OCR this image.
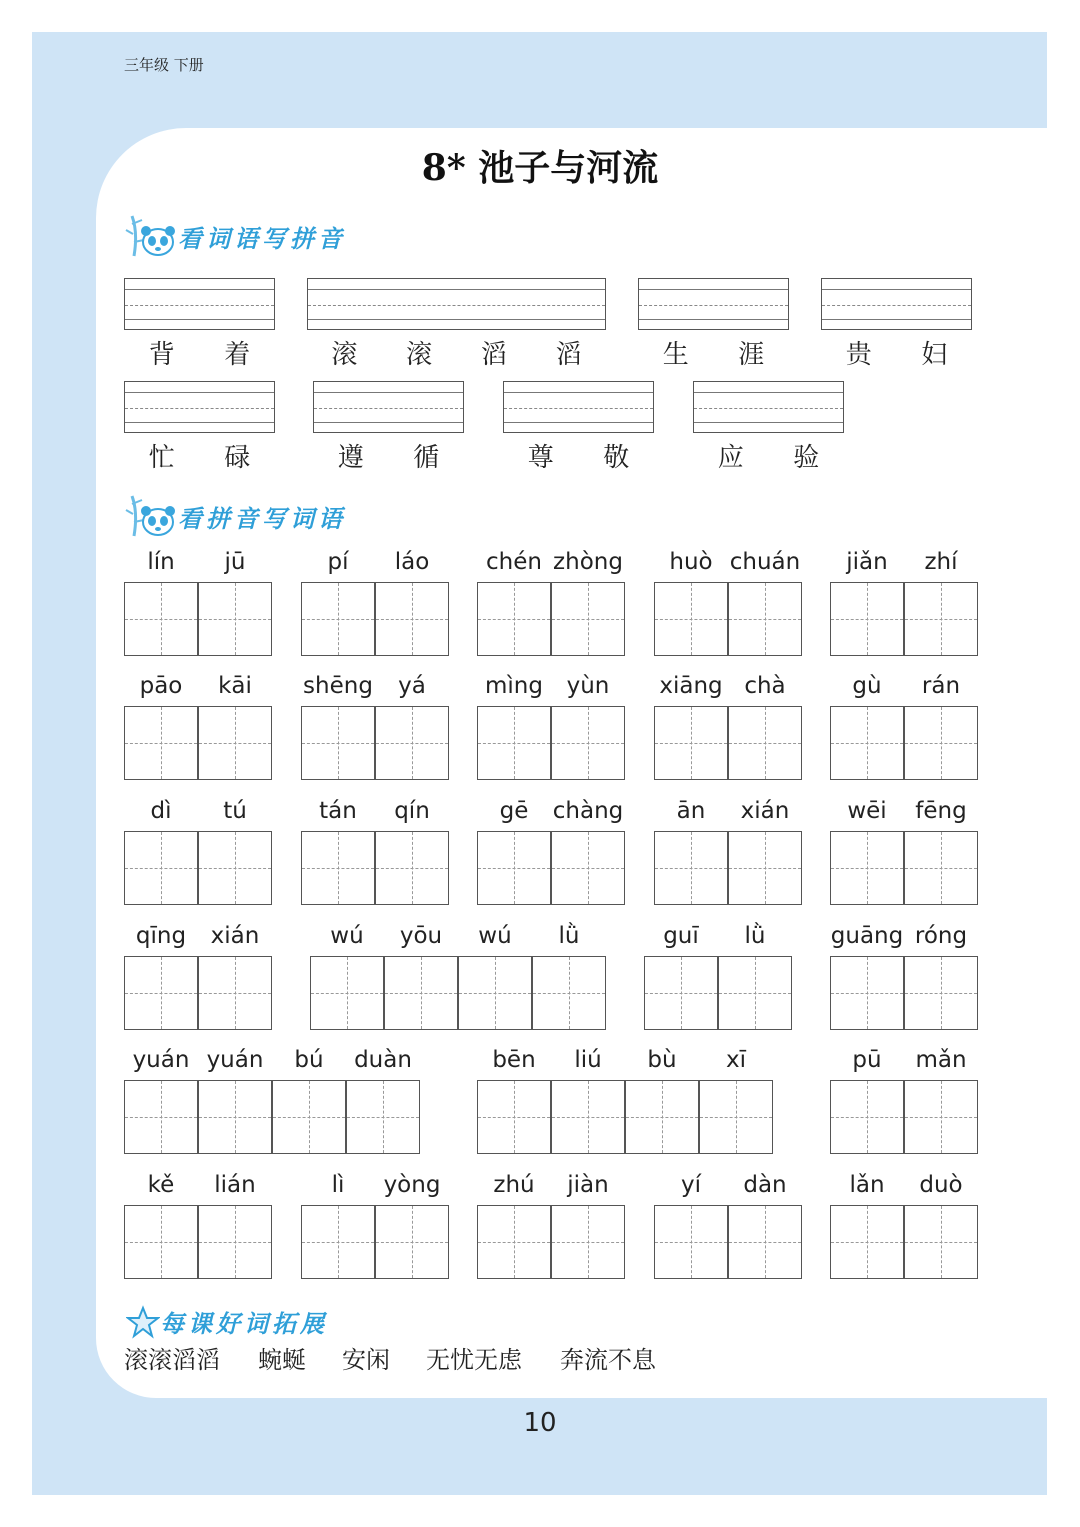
三年级 下册
8* 池子与河流
看词语写拼音
背 着	滚 滚 滔 滔	生 涯	贵 妇
忙 碌	遵 循	尊 敬	应 验
看拼音写词语
lín	jū	pí	láo	chén zhòng	huò chuán	jiǎn	zhí
pāo	kāi	shēng	yá	mìng	yùn	xiāng chà	gù	rán
dì	tú	tán	qín	gē	chàng	ān	xián	wēi	fēng
qīng	xián	wú	yōu	wú	lǜ	guī	lǜ	guāng róng
yuán yuán	bú	duàn	bēn	liú	bù	xī	pū	mǎn
kě	lián	lì	yòng	zhú	jiàn	yí	dàn	lǎn	duò
每课好词拓展
滚滚滔滔 蜿蜒 安闲 无忧无虑 奔流不息
10
